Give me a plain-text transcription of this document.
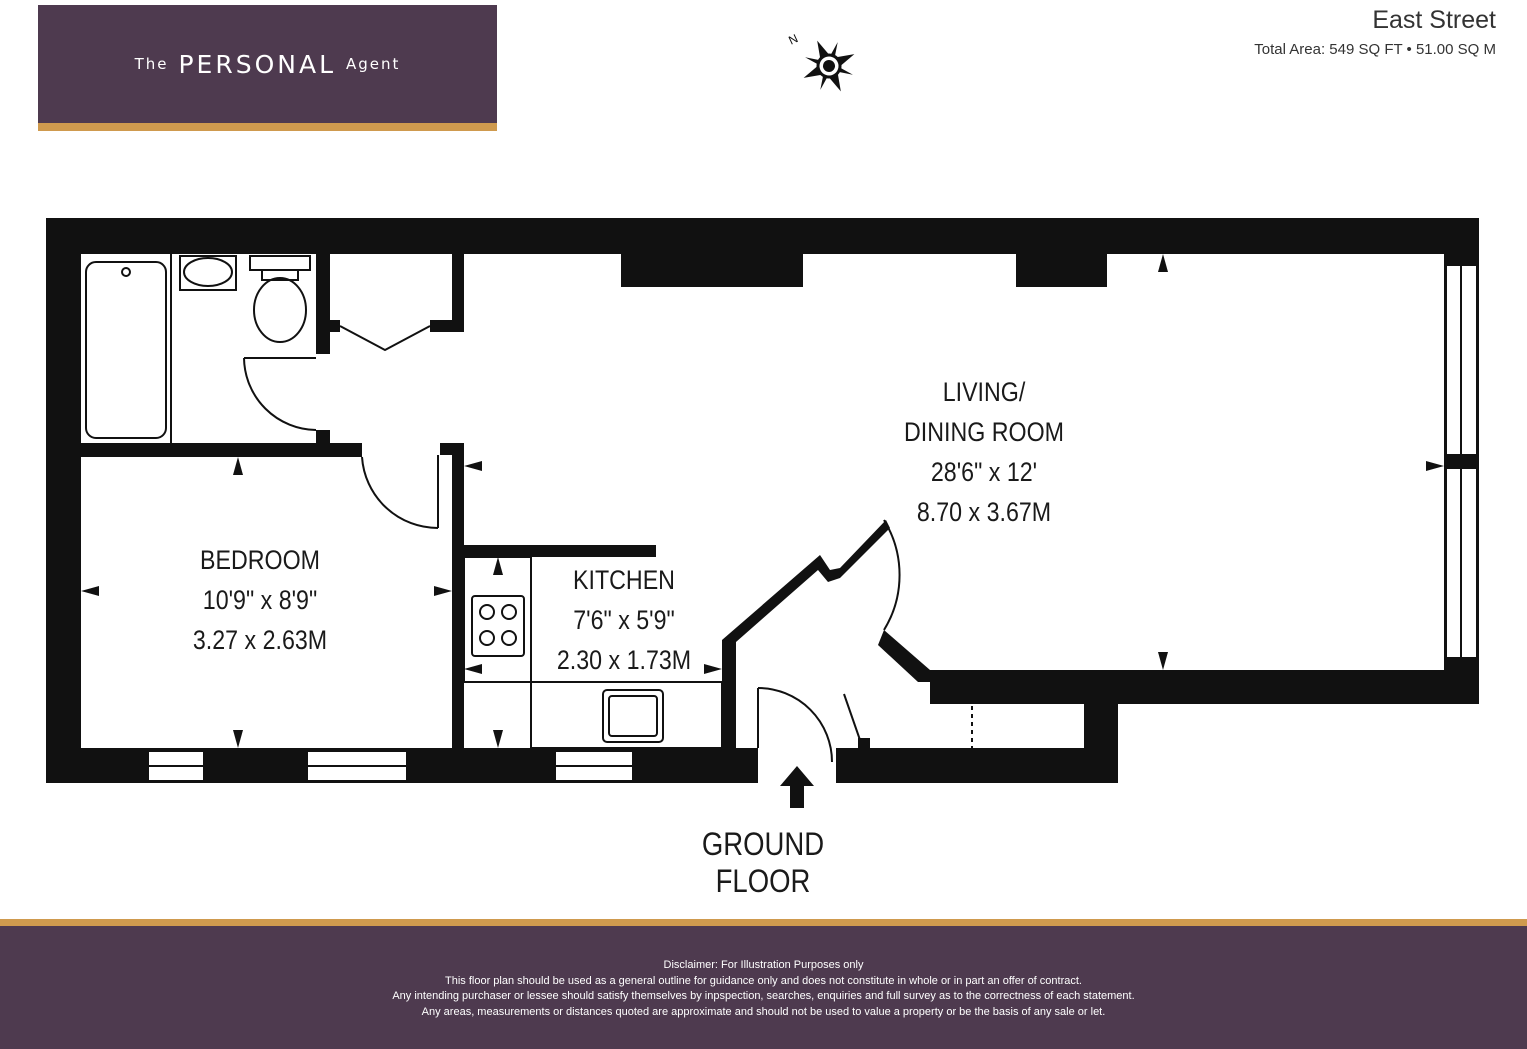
The PERSONAL Agent
East Street
Total Area: 549 SQ FT • 51.00 SQ M
N
LIVING/
DINING ROOM
28'6" x 12'
8.70 x 3.67M
BEDROOM
10'9" x 8'9"
3.27 x 2.63M
KITCHEN
7'6" x 5'9"
2.30 x 1.73M
GROUND FLOOR
Disclaimer: For Illustration Purposes only
This floor plan should be used as a general outline for guidance only and does not constitute in whole or in part an offer of contract.
Any intending purchaser or lessee should satisfy themselves by inpspection, searches, enquiries and full survey as to the correctness of each statement.
Any areas, measurements or distances quoted are approximate and should not be used to value a property or be the basis of any sale or let.
